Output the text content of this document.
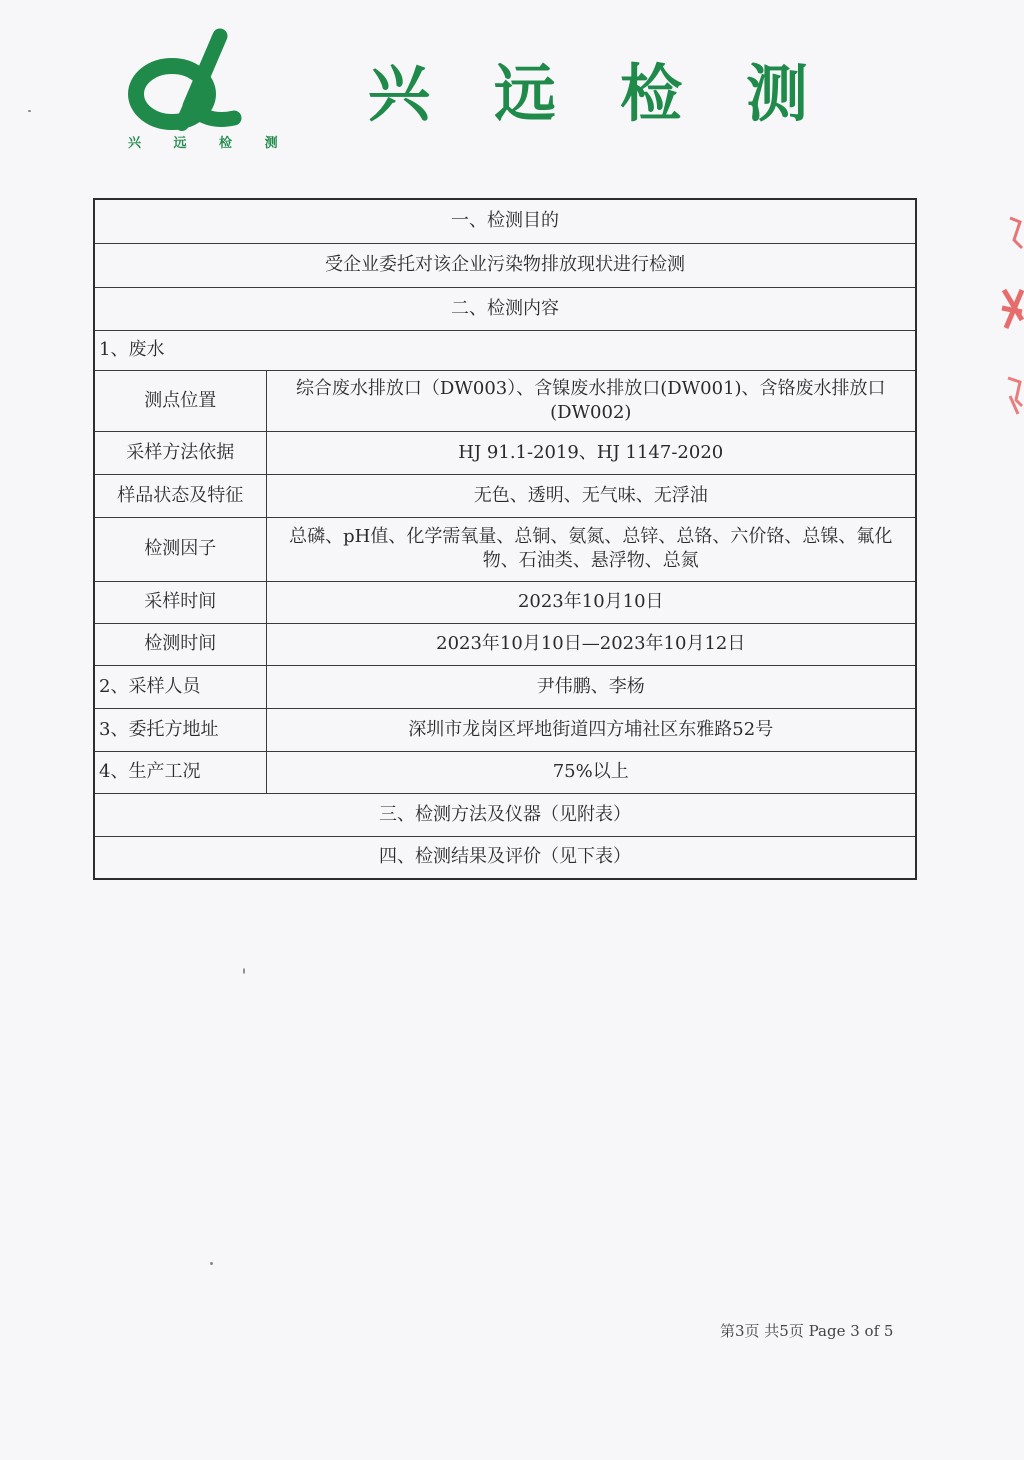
兴 远 检 测
兴 远 检 测
一、检测目的	
受企业委托对该企业污染物排放现状进行检测	
二、检测内容	
1、废水	
测点位置	综合废水排放口（DW003）、含镍废水排放口(DW001)、含铬废水排放口(DW002)
采样方法依据	HJ 91.1-2019、HJ 1147-2020
样品状态及特征	无色、透明、无气味、无浮油
检测因子	总磷、pH值、化学需氧量、总铜、氨氮、总锌、总铬、六价铬、总镍、氟化物、石油类、悬浮物、总氮
采样时间	2023年10月10日
检测时间	2023年10月10日—2023年10月12日
2、采样人员	尹伟鹏、李杨
3、委托方地址	深圳市龙岗区坪地街道四方埔社区东雅路52号
4、生产工况	75%以上
三、检测方法及仪器（见附表）	
四、检测结果及评价（见下表）	
第3页 共5页 Page 3 of 5
